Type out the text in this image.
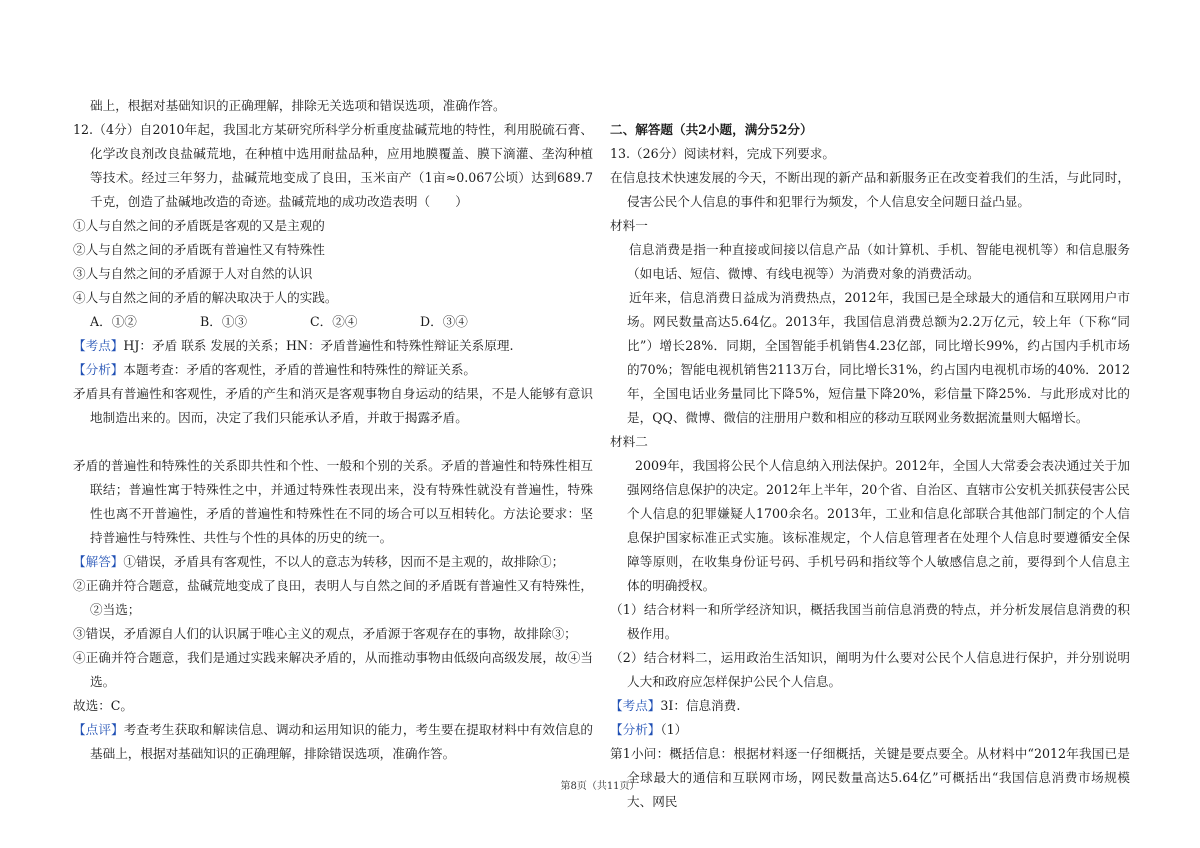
础上，根据对基础知识的正确理解，排除无关选项和错误选项，准确作答。

12.（4分）自2010年起，我国北方某研究所科学分析重度盐碱荒地的特性，利用脱硫石膏、化学改良剂改良盐碱荒地，在种植中选用耐盐品种，应用地膜覆盖、膜下滴灌、垄沟种植等技术。经过三年努力，盐碱荒地变成了良田，玉米亩产（1亩≈0.067公顷）达到689.7千克，创造了盐碱地改造的奇迹。盐碱荒地的成功改造表明（　　）

①人与自然之间的矛盾既是客观的又是主观的

②人与自然之间的矛盾既有普遍性又有特殊性

③人与自然之间的矛盾源于人对自然的认识

④人与自然之间的矛盾的解决取决于人的实践。

A．①②	B．①③	C．②④	D．③④

【考点】HJ：矛盾 联系 发展的关系；HN：矛盾普遍性和特殊性辩证关系原理.

【分析】本题考查：矛盾的客观性，矛盾的普遍性和特殊性的辩证关系。

矛盾具有普遍性和客观性，矛盾的产生和消灭是客观事物自身运动的结果，不是人能够有意识地制造出来的。因而，决定了我们只能承认矛盾，并敢于揭露矛盾。

矛盾的普遍性和特殊性的关系即共性和个性、一般和个别的关系。矛盾的普遍性和特殊性相互联结；普遍性寓于特殊性之中，并通过特殊性表现出来，没有特殊性就没有普遍性，特殊性也离不开普遍性，矛盾的普遍性和特殊性在不同的场合可以互相转化。方法论要求：坚持普遍性与特殊性、共性与个性的具体的历史的统一。

【解答】①错误，矛盾具有客观性，不以人的意志为转移，因而不是主观的，故排除①；

②正确并符合题意，盐碱荒地变成了良田，表明人与自然之间的矛盾既有普遍性又有特殊性，②当选；

③错误，矛盾源自人们的认识属于唯心主义的观点，矛盾源于客观存在的事物，故排除③；

④正确并符合题意，我们是通过实践来解决矛盾的，从而推动事物由低级向高级发展，故④当选。

故选：C。

【点评】考查考生获取和解读信息、调动和运用知识的能力，考生要在提取材料中有效信息的基础上，根据对基础知识的正确理解，排除错误选项，准确作答。

二、解答题（共2小题，满分52分）

13.（26分）阅读材料，完成下列要求。

在信息技术快速发展的今天，不断出现的新产品和新服务正在改变着我们的生活，与此同时，侵害公民个人信息的事件和犯罪行为频发，个人信息安全问题日益凸显。

材料一

信息消费是指一种直接或间接以信息产品（如计算机、手机、智能电视机等）和信息服务（如电话、短信、微博、有线电视等）为消费对象的消费活动。

近年来，信息消费日益成为消费热点，2012年，我国已是全球最大的通信和互联网用户市场。网民数量高达5.64亿。2013年，我国信息消费总额为2.2万亿元，较上年（下称“同比”）增长28%．同期，全国智能手机销售4.23亿部，同比增长99%，约占国内手机市场的70%；智能电视机销售2113万台，同比增长31%，约占国内电视机市场的40%．2012年，全国电话业务量同比下降5%，短信量下降20%，彩信量下降25%．与此形成对比的是，QQ、微博、微信的注册用户数和相应的移动互联网业务数据流量则大幅增长。

材料二

2009年，我国将公民个人信息纳入刑法保护。2012年，全国人大常委会表决通过关于加强网络信息保护的决定。2012年上半年，20个省、自治区、直辖市公安机关抓获侵害公民个人信息的犯罪嫌疑人1700余名。2013年，工业和信息化部联合其他部门制定的个人信息保护国家标准正式实施。该标准规定，个人信息管理者在处理个人信息时要遵循安全保障等原则，在收集身份证号码、手机号码和指纹等个人敏感信息之前，要得到个人信息主体的明确授权。

（1）结合材料一和所学经济知识，概括我国当前信息消费的特点，并分析发展信息消费的积极作用。

（2）结合材料二，运用政治生活知识，阐明为什么要对公民个人信息进行保护，并分别说明人大和政府应怎样保护公民个人信息。

【考点】3I：信息消费.

【分析】（1）

第1小问：概括信息：根据材料逐一仔细概括，关键是要点要全。从材料中“2012年我国已是全球最大的通信和互联网市场，网民数量高达5.64亿”可概括出“我国信息消费市场规模大、网民

第8页（共11页）
